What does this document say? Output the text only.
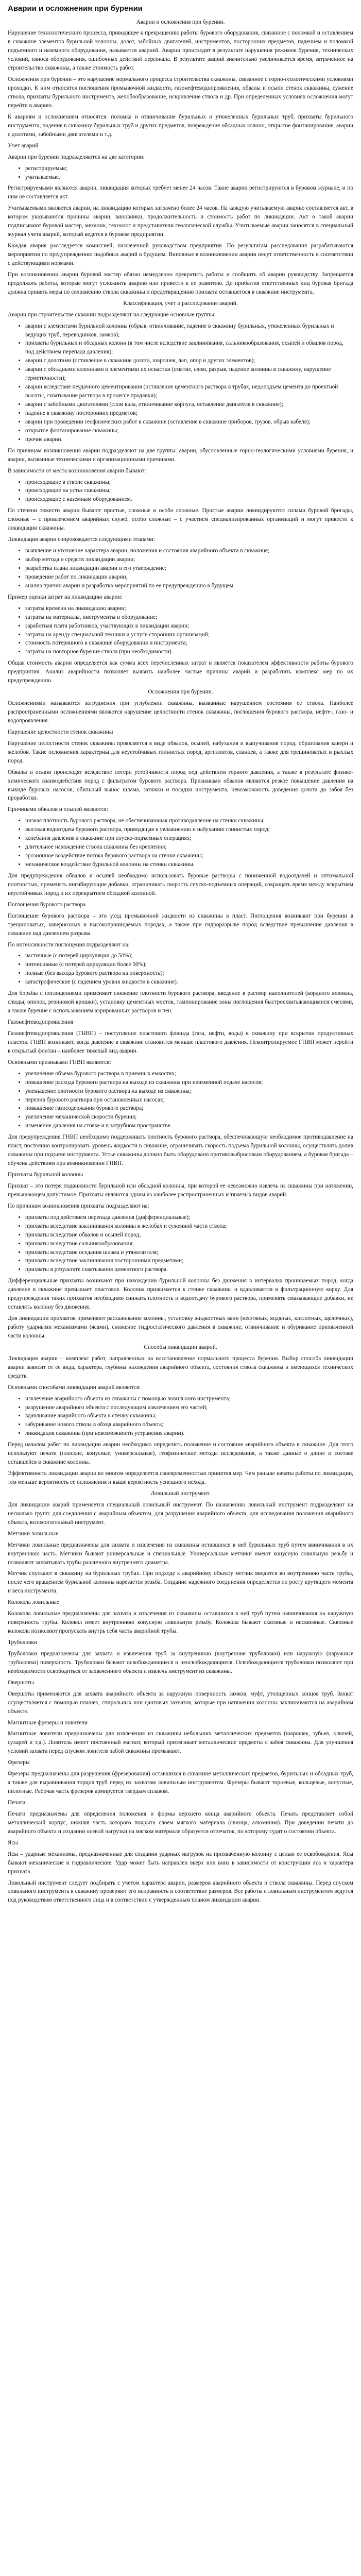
Аварии и осложнения при бурении

Аварии и осложнения при бурении.

Нарушение технологического процесса, приводящее к прекращению работы бурового оборудования, связанное с поломкой и оставлением в скважине элементов бурильной колонны, долот, забойных двигателей, инструментов, посторонних предметов, падением и поломкой подъемного и наземного оборудования, называется аварией. Аварии происходят в результате нарушения режимов бурения, технических условий, износа оборудования, ошибочных действий персонала. В результате аварий значительно увеличивается время, затраченное на строительство скважины, а также стоимость работ.

Осложнения при бурении – это нарушение нормального процесса строительства скважины, связанное с горно-геологическими условиями проходки. К ним относятся поглощения промывочной жидкости, газонефтеводопроявления, обвалы и осыпи стенок скважины, сужение ствола, прихваты бурильного инструмента, желобообразование, искривление ствола и др. При определенных условиях осложнения могут перейти в аварию.

К авариям и осложнениям относятся: поломка и отвинчивание бурильных и утяжеленных бурильных труб, прихваты бурильного инструмента, падение в скважину бурильных труб и других предметов, повреждение обсадных колонн, открытое фонтанирование, аварии с долотами, забойными двигателями и т.д.

Учет аварий

Аварии при бурении подразделяются на две категории:

• регистрируемые;
• учитываемые.

Регистрируемыми являются аварии, ликвидация которых требует менее 24 часов. Такие аварии регистрируются в буровом журнале, и по ним не составляется акт.

Учитываемыми являются аварии, на ликвидацию которых затрачено более 24 часов. На каждую учитываемую аварию составляется акт, в котором указываются причины аварии, виновники, продолжительность и стоимость работ по ликвидации. Акт о такой аварии подписывают буровой мастер, механик, технолог и представители геологической службы. Учитываемые аварии заносятся в специальный журнал учета аварий, который ведется в буровом предприятии.

Каждая авария расследуется комиссией, назначенной руководством предприятия. По результатам расследования разрабатываются мероприятия по предупреждению подобных аварий в будущем. Виновные в возникновении аварии несут ответственность в соответствии с действующими нормами.

При возникновении аварии буровой мастер обязан немедленно прекратить работы и сообщить об аварии руководству. Запрещается продолжать работы, которые могут усложнить аварию или привести к ее развитию. До прибытия ответственных лиц буровая бригада должна принять меры по сохранению ствола скважины и предотвращению прихвата оставшегося в скважине инструмента.

Классификация, учет и расследование аварий.

Аварии при строительстве скважин подразделяют на следующие основные группы:

• аварии с элементами бурильной колонны (обрыв, отвинчивание, падение в скважину бурильных, утяжеленных бурильных и ведущих труб, переводников, замков);
• прихваты бурильных и обсадных колонн (в том числе вследствие заклинивания, сальникообразования, осыпей и обвалов пород, под действием перепада давления);
• аварии с долотами (оставление в скважине долота, шарошек, лап, опор и других элементов);
• аварии с обсадными колоннами и элементами их оснастки (смятие, слом, разрыв, падение колонны в скважину, нарушение герметичности);
• аварии вследствие неудачного цементирования (оставление цементного раствора в трубах, недоподъем цемента до проектной высоты, схватывание раствора в процессе продавки);
• аварии с забойными двигателями (слом вала, отвинчивание корпуса, оставление двигателя в скважине);
• падение в скважину посторонних предметов;
• аварии при проведении геофизических работ в скважине (оставление в скважине приборов, грузов, обрыв кабеля);
• открытое фонтанирование скважины;
• прочие аварии.

По причинам возникновения аварии подразделяют на две группы: аварии, обусловленные горно-геологическими условиями бурения, и аварии, вызванные техническими и организационными причинами.

В зависимости от места возникновения аварии бывают:

• происходящие в стволе скважины;
• происходящие на устье скважины;
• происходящие с наземным оборудованием.

По степени тяжести аварии бывают простые, сложные и особо сложные. Простые аварии ликвидируются силами буровой бригады, сложные – с привлечением аварийных служб, особо сложные – с участием специализированных организаций и могут привести к ликвидации скважины.

Ликвидация аварии сопровождается следующими этапами:

• выявление и уточнение характера аварии, положения и состояния аварийного объекта в скважине;
• выбор метода и средств ликвидации аварии;
• разработка плана ликвидации аварии и его утверждение;
• проведение работ по ликвидации аварии;
• анализ причин аварии и разработка мероприятий по ее предупреждению в будущем.

Пример оценки затрат на ликвидацию аварии:

• затраты времени на ликвидацию аварии;
• затраты на материалы, инструменты и оборудование;
• заработная плата работников, участвующих в ликвидации аварии;
• затраты на аренду специальной техники и услуги сторонних организаций;
• стоимость потерянного в скважине оборудования и инструмента;
• затраты на повторное бурение ствола (при необходимости).

Общая стоимость аварии определяется как сумма всех перечисленных затрат и является показателем эффективности работы бурового предприятия. Анализ аварийности позволяет выявить наиболее частые причины аварий и разработать комплекс мер по их предупреждению.

Осложнения при бурении.

Осложнениями называются затруднения при углублении скважины, вызванные нарушением состояния ее ствола. Наиболее распространенными осложнениями являются нарушение целостности стенок скважины, поглощения бурового раствора, нефте-, газо- и водопроявления.

Нарушение целостности стенок скважины

Нарушение целостности стенок скважины проявляется в виде обвалов, осыпей, набухания и выпучивания пород, образования каверн и желобов. Такие осложнения характерны для неустойчивых глинистых пород, аргиллитов, сланцев, а также для трещиноватых и рыхлых пород.

Обвалы и осыпи происходят вследствие потери устойчивости пород под действием горного давления, а также в результате физико-химического взаимодействия пород с фильтратом бурового раствора. Признаками обвалов являются резкое повышение давления на выкиде буровых насосов, обильный вынос шлама, затяжки и посадки инструмента, невозможность доведения долота до забоя без проработки.

Причинами обвалов и осыпей являются:

• низкая плотность бурового раствора, не обеспечивающая противодавление на стенки скважины;
• высокая водоотдача бурового раствора, приводящая к увлажнению и набуханию глинистых пород;
• колебания давления в скважине при спуско-подъемных операциях;
• длительное нахождение ствола скважины без крепления;
• эрозионное воздействие потока бурового раствора на стенки скважины;
• механическое воздействие бурильной колонны на стенки скважины.

Для предупреждения обвалов и осыпей необходимо использовать буровые растворы с пониженной водоотдачей и оптимальной плотностью, применять ингибирующие добавки, ограничивать скорость спуско-подъемных операций, сокращать время между вскрытием неустойчивых пород и их перекрытием обсадной колонной.

Поглощения бурового раствора

Поглощение бурового раствора – это уход промывочной жидкости из скважины в пласт. Поглощения возникают при бурении в трещиноватых, кавернозных и высокопроницаемых породах, а также при гидроразрыве пород вследствие превышения давления в скважине над давлением разрыва.

По интенсивности поглощения подразделяют на:

• частичные (с потерей циркуляции до 50%);
• интенсивные (с потерей циркуляции более 50%);
• полные (без выхода бурового раствора на поверхность);
• катастрофические (с падением уровня жидкости в скважине).

Для борьбы с поглощениями применяют снижение плотности бурового раствора, введение в раствор наполнителей (кордного волокна, слюды, опилок, резиновой крошки), установку цементных мостов, тампонирование зоны поглощения быстросхватывающимися смесями, а также бурение с использованием аэрированных растворов и пен.

Газонефтеводопроявления

Газонефтеводопроявления (ГНВП) – поступление пластового флюида (газа, нефти, воды) в скважину при вскрытии продуктивных пластов. ГНВП возникают, когда давление в скважине становится меньше пластового давления. Неконтролируемое ГНВП может перейти в открытый фонтан – наиболее тяжелый вид аварии.

Основными признаками ГНВП являются:

• увеличение объема бурового раствора в приемных емкостях;
• повышение расхода бурового раствора на выходе из скважины при неизменной подаче насосов;
• уменьшение плотности бурового раствора на выходе из скважины;
• перелив бурового раствора при остановленных насосах;
• повышение газосодержания бурового раствора;
• увеличение механической скорости бурения;
• изменение давления на стояке и в затрубном пространстве.

Для предупреждения ГНВП необходимо поддерживать плотность бурового раствора, обеспечивающую необходимое противодавление на пласт, постоянно контролировать уровень жидкости в скважине, ограничивать скорость подъема бурильной колонны, осуществлять долив скважины при подъеме инструмента. Устье скважины должно быть оборудовано противовыбросовым оборудованием, а буровая бригада – обучена действиям при возникновении ГНВП.

Прихваты бурильной колонны

Прихват – это потеря подвижности бурильной или обсадной колонны, при которой ее невозможно извлечь из скважины при натяжении, превышающем допустимое. Прихваты являются одним из наиболее распространенных и тяжелых видов аварий.

По причинам возникновения прихваты подразделяют на:

• прихваты под действием перепада давления (дифференциальные);
• прихваты вследствие заклинивания колонны в желобах и суженной части ствола;
• прихваты вследствие обвалов и осыпей пород;
• прихваты вследствие сальникообразования;
• прихваты вследствие оседания шлама и утяжелителя;
• прихваты вследствие заклинивания посторонними предметами;
• прихваты в результате схватывания цементного раствора.

Дифференциальные прихваты возникают при нахождении бурильной колонны без движения в интервалах проницаемых пород, когда давление в скважине превышает пластовое. Колонна прижимается к стенке скважины и вдавливается в фильтрационную корку. Для предупреждения таких прихватов необходимо снижать плотность и водоотдачу бурового раствора, применять смазывающие добавки, не оставлять колонну без движения.

Для ликвидации прихватов применяют расхаживание колонны, установку жидкостных ванн (нефтяных, водяных, кислотных, щелочных), работу ударными механизмами (ясами), снижение гидростатического давления в скважине, отвинчивание и обуривание прихваченной части колонны.

Способы ликвидации аварий.

Ликвидация аварии – комплекс работ, направленных на восстановление нормального процесса бурения. Выбор способа ликвидации аварии зависит от ее вида, характера, глубины нахождения аварийного объекта, состояния ствола скважины и имеющихся технических средств.

Основными способами ликвидации аварий являются:

• извлечение аварийного объекта из скважины с помощью ловильного инструмента;
• разрушение аварийного объекта с последующим извлечением его частей;
• вдавливание аварийного объекта в стенку скважины;
• забуривание нового ствола в обход аварийного объекта;
• ликвидация скважины (при невозможности устранения аварии).

Перед началом работ по ликвидации аварии необходимо определить положение и состояние аварийного объекта в скважине. Для этого используют печати (плоские, конусные, универсальные), геофизические методы исследования, а также данные о длине и составе оставшейся в скважине колонны.

Эффективность ликвидации аварии во многом определяется своевременностью принятия мер. Чем раньше начаты работы по ликвидации, тем меньше вероятность ее осложнения и выше вероятность успешного исхода.

Ловильный инструмент.

Для ликвидации аварий применяется специальный ловильный инструмент. По назначению ловильный инструмент подразделяют на несколько групп: для соединения с аварийным объектом, для разрушения аварийного объекта, для исследования положения аварийного объекта, вспомогательный инструмент.

Метчики ловильные

Метчики ловильные предназначены для захвата и извлечения из скважины оставшихся в ней бурильных труб путем ввинчивания в их внутреннюю часть. Метчики бывают универсальные и специальные. Универсальные метчики имеют конусную ловильную резьбу и позволяют захватывать трубы различного внутреннего диаметра.

Метчик спускают в скважину на бурильных трубах. При подходе к аварийному объекту метчик вводится во внутреннюю часть трубы, после чего вращением бурильной колонны нарезается резьба. Создание надежного соединения определяется по росту крутящего момента и веса инструмента.

Колокола ловильные

Колокола ловильные предназначены для захвата и извлечения из скважины оставшихся в ней труб путем навинчивания на наружную поверхность трубы. Колокол имеет внутреннюю конусную ловильную резьбу. Колокола бывают сквозные и несквозные. Сквозные колокола позволяют пропускать внутрь себя часть аварийной трубы.

Труболовки

Труболовки предназначены для захвата и извлечения труб за внутреннюю (внутренние труболовки) или наружную (наружные труболовки) поверхность. Труболовки бывают освобождающиеся и неосвобождающиеся. Освобождающиеся труболовки позволяют при необходимости освободиться от захваченного объекта и извлечь инструмент из скважины.

Овершоты

Овершоты применяются для захвата аварийного объекта за наружную поверхность замков, муфт, утолщенных концов труб. Захват осуществляется с помощью плашек, спиральных или цанговых захватов, которые при натяжении колонны заклиниваются на аварийном объекте.

Магнитные фрезеры и ловители

Магнитные ловители предназначены для извлечения из скважины небольших металлических предметов (шарошек, зубьев, ключей, сухарей и т.д.). Ловитель имеет постоянный магнит, который притягивает металлические предметы с забоя скважины. Для улучшения условий захвата перед спуском ловителя забой скважины промывают.

Фрезеры

Фрезеры предназначены для разрушения (фрезерования) оставшихся в скважине металлических предметов, бурильных и обсадных труб, а также для выравнивания торцов труб перед их захватом ловильным инструментом. Фрезеры бывают торцевые, кольцевые, конусные, пилотные. Рабочая часть фрезеров армируется твердым сплавом.

Печати

Печати предназначены для определения положения и формы верхнего конца аварийного объекта. Печать представляет собой металлический корпус, нижняя часть которого покрыта слоем мягкого материала (свинца, алюминия). При доведении печати до аварийного объекта и создании осевой нагрузки на мягком материале образуется отпечаток, по которому судят о состоянии объекта.

Ясы

Ясы – ударные механизмы, предназначенные для создания ударных нагрузок на прихваченную колонну с целью ее освобождения. Ясы бывают механические и гидравлические. Удар может быть направлен вверх или вниз в зависимости от конструкции яса и характера прихвата.

Ловильный инструмент следует подбирать с учетом характера аварии, размеров аварийного объекта и ствола скважины. Перед спуском ловильного инструмента в скважину проверяют его исправность и соответствие размеров. Все работы с ловильным инструментом ведутся под руководством ответственного лица и в соответствии с утвержденным планом ликвидации аварии.
